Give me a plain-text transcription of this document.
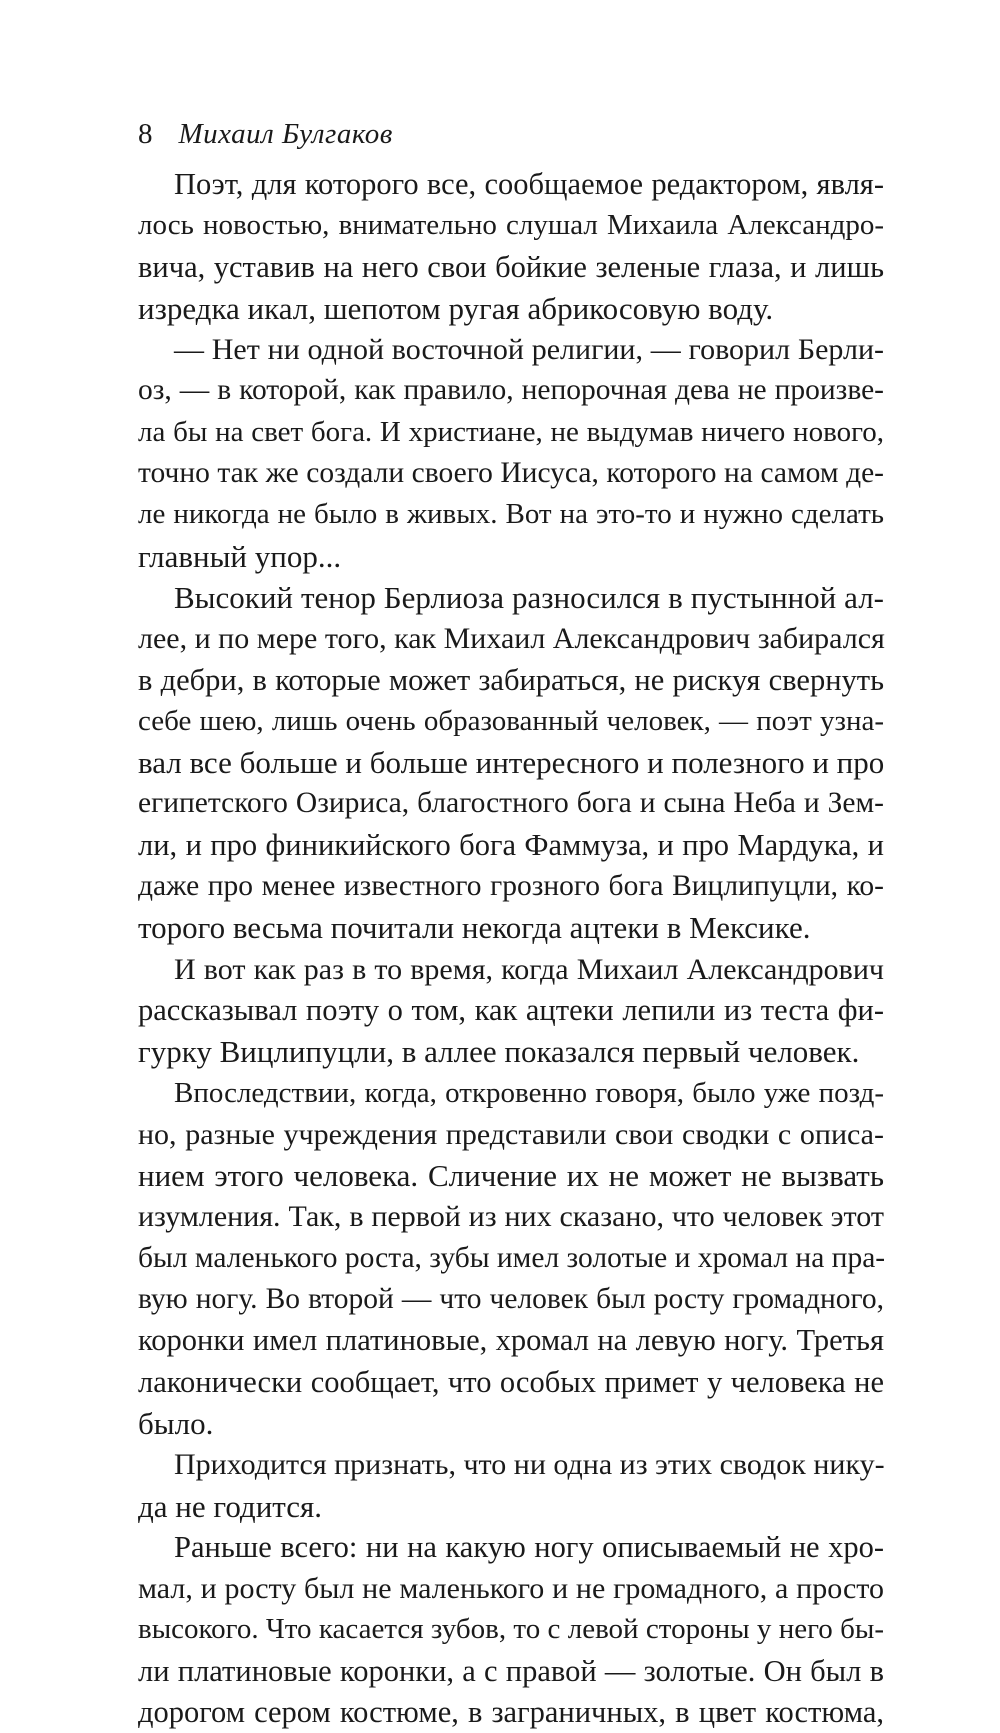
8 Михаил Булгаков
Поэт, для которого все, сообщаемое редактором, явля-
лось новостью, внимательно слушал Михаила Александро-
вича, уставив на него свои бойкие зеленые глаза, и лишь
изредка икал, шепотом ругая абрикосовую воду.
— Нет ни одной восточной религии, — говорил Берли-
оз, — в которой, как правило, непорочная дева не произве-
ла бы на свет бога. И христиане, не выдумав ничего нового,
точно так же создали своего Иисуса, которого на самом де-
ле никогда не было в живых. Вот на это-то и нужно сделать
главный упор...
Высокий тенор Берлиоза разносился в пустынной ал-
лее, и по мере того, как Михаил Александрович забирался
в дебри, в которые может забираться, не рискуя свернуть
себе шею, лишь очень образованный человек, — поэт узна-
вал все больше и больше интересного и полезного и про
египетского Озириса, благостного бога и сына Неба и Зем-
ли, и про финикийского бога Фаммуза, и про Мардука, и
даже про менее известного грозного бога Вицлипуцли, ко-
торого весьма почитали некогда ацтеки в Мексике.
И вот как раз в то время, когда Михаил Александрович
рассказывал поэту о том, как ацтеки лепили из теста фи-
гурку Вицлипуцли, в аллее показался первый человек.
Впоследствии, когда, откровенно говоря, было уже позд-
но, разные учреждения представили свои сводки с описа-
нием этого человека. Сличение их не может не вызвать
изумления. Так, в первой из них сказано, что человек этот
был маленького роста, зубы имел золотые и хромал на пра-
вую ногу. Во второй — что человек был росту громадного,
коронки имел платиновые, хромал на левую ногу. Третья
лаконически сообщает, что особых примет у человека не
было.
Приходится признать, что ни одна из этих сводок нику-
да не годится.
Раньше всего: ни на какую ногу описываемый не хро-
мал, и росту был не маленького и не громадного, а просто
высокого. Что касается зубов, то с левой стороны у него бы-
ли платиновые коронки, а с правой — золотые. Он был в
дорогом сером костюме, в заграничных, в цвет костюма,
